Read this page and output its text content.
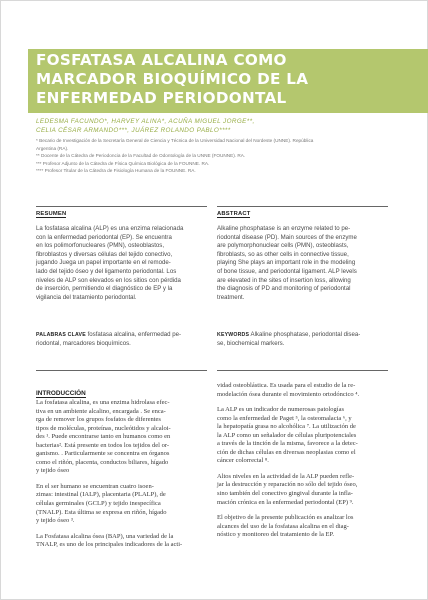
FOSFATASA ALCALINA COMO
MARCADOR BIOQUÍMICO DE LA
ENFERMEDAD PERIODONTAL
LEDESMA FACUNDO*, HARVEY ALINA*, ACUÑA MIGUEL JORGE**,
CELIA CÉSAR ARMANDO***, JUÁREZ ROLANDO PABLO****
* Becario de Investigación de la Secretaría General de Ciencia y Técnica de la Universidad Nacional del Nordeste (UNNE). República
Argentina (RA).
** Docente de la Cátedra de Periodoncia de la Facultad de Odontología de la UNNE (FOUNNE). RA.
*** Profesor Adjunto de la Cátedra de Física Química Biológica de la FOUNNE. RA.
**** Profesor Titular de la Cátedra de Fisiología Humana de la FOUNNE. RA.
RESUMEN
La fosfatasa alcalina (ALP) es una enzima relacionada
con la enfermedad periodontal (EP). Se encuentra
en los polimorfonucleares (PMN), osteoblastos,
fibroblastos y diversas células del tejido conectivo,
jugando Juega un papel importante en el remode-
lado del tejido óseo y del ligamento periodontal. Los
niveles de ALP son elevados en los sitios con pérdida
de inserción, permitiendo el diagnóstico de EP y la
vigilancia del tratamiento periodontal.
PALABRAS CLAVE fosfatasa alcalina, enfermedad pe-
riodontal, marcadores bioquímicos.
ABSTRACT
Alkaline phosphatase is an enzyme related to pe-
riodontal disease (PD). Main sources of the enzyme
are polymorphonuclear cells (PMN), osteoblasts,
fibroblasts, so as other cells in connective tissue,
playing She plays an important role in the modeling
of bone tissue, and periodontal ligament. ALP levels
are elevated in the sites of insertion loss, allowing
the diagnosis of PD and monitoring of periodontal
treatment.
KEYWORDS Alkaline phosphatase, periodontal disea-
se, biochemical markers.
INTRODUCCIÓN
La fosfatasa alcalina, es una enzima hidrolasa efec-
tiva en un ambiente alcalino, encargada . Se enca-
rga de remover los grupos fosfatos de diferentes
tipos de moléculas, proteínas, nucleótidos y alcaloi-
des ¹. Puede encontrarse tanto en humanos como en
bacterias². Está presente en todos los tejidos del or-
ganismo. . Particularmente se concentra en órganos
como el riñón, placenta, conductos biliares, hígado
y tejido óseo
En el ser humano se encuentran cuatro isoen-
zimas: intestinal (IALP), placentaria (PLALP), de
células germinales (GCLP) y tejido inespecífica
(TNALP). Esta última se expresa en riñón, hígado
y tejido óseo ³.
La Fosfatasa alcalina ósea (BAP), una variedad de la
TNALP, es uno de los principales indicadores de la acti-
vidad osteoblástica. Es usada para el estudio de la re-
modelación ósea durante el movimiento ortodóncico ⁴.
La ALP es un indicador de numerosas patologías
como la enfermedad de Paget ⁵, la osteomalacia ⁶, y
la hepatopatía grasa no alcohólica ⁷. La utilización de
la ALP como un señalador de células pluripotenciales
a través de la tinción de la misma, favorece a la detec-
ción de dichas células en diversas neoplasias como el
cáncer colorrectal ⁸.
Altos niveles en la actividad de la ALP pueden refle-
jar la destrucción y reparación no sólo del tejido óseo,
sino también del conectivo gingival durante la infla-
mación crónica en la enfermedad periodontal (EP) ⁹.
El objetivo de la presente publicación es analizar los
alcances del uso de la fosfatasa alcalina en el diag-
nóstico y monitoreo del tratamiento de la EP.
